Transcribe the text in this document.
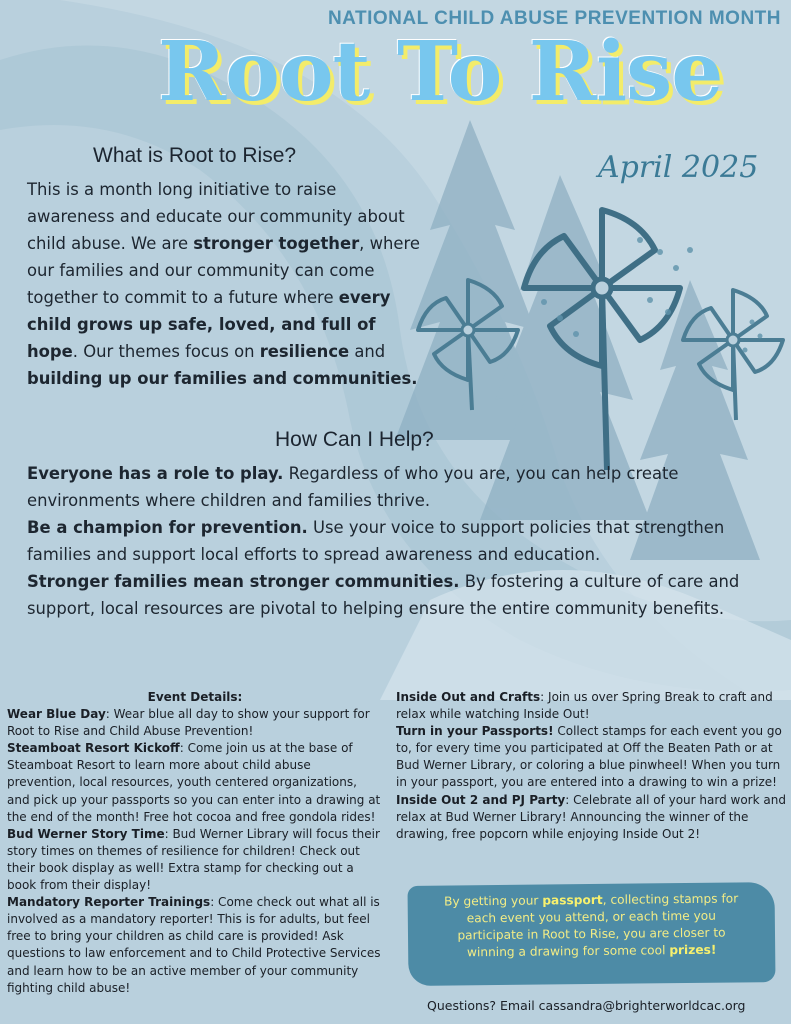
NATIONAL CHILD ABUSE PREVENTION MONTH
Root To Rise
April 2025
What is Root to Rise?
This is a month long initiative to raise awareness and educate our community about child abuse. We are stronger together, where our families and our community can come together to commit to a future where every child grows up safe, loved, and full of hope. Our themes focus on resilience and building up our families and communities.
How Can I Help?

Everyone has a role to play. Regardless of who you are, you can help create environments where children and families thrive.

Be a champion for prevention. Use your voice to support policies that strengthen families and support local efforts to spread awareness and education.

Stronger families mean stronger communities. By fostering a culture of care and support, local resources are pivotal to helping ensure the entire community benefits.

Event Details:

Wear Blue Day: Wear blue all day to show your support for Root to Rise and Child Abuse Prevention!

Steamboat Resort Kickoff: Come join us at the base of Steamboat Resort to learn more about child abuse prevention, local resources, youth centered organizations, and pick up your passports so you can enter into a drawing at the end of the month! Free hot cocoa and free gondola rides!

Bud Werner Story Time: Bud Werner Library will focus their story times on themes of resilience for children! Check out their book display as well! Extra stamp for checking out a book from their display!

Mandatory Reporter Trainings: Come check out what all is involved as a mandatory reporter! This is for adults, but feel free to bring your children as child care is provided! Ask questions to law enforcement and to Child Protective Services and learn how to be an active member of your community fighting child abuse!

Inside Out and Crafts: Join us over Spring Break to craft and relax while watching Inside Out!

Turn in your Passports! Collect stamps for each event you go to, for every time you participated at Off the Beaten Path or at Bud Werner Library, or coloring a blue pinwheel! When you turn in your passport, you are entered into a drawing to win a prize!

Inside Out 2 and PJ Party: Celebrate all of your hard work and relax at Bud Werner Library! Announcing the winner of the drawing, free popcorn while enjoying Inside Out 2!

By getting your passport, collecting stamps for each event you attend, or each time you participate in Root to Rise, you are closer to winning a drawing for some cool prizes!
Questions? Email cassandra@brighterworldcac.org
